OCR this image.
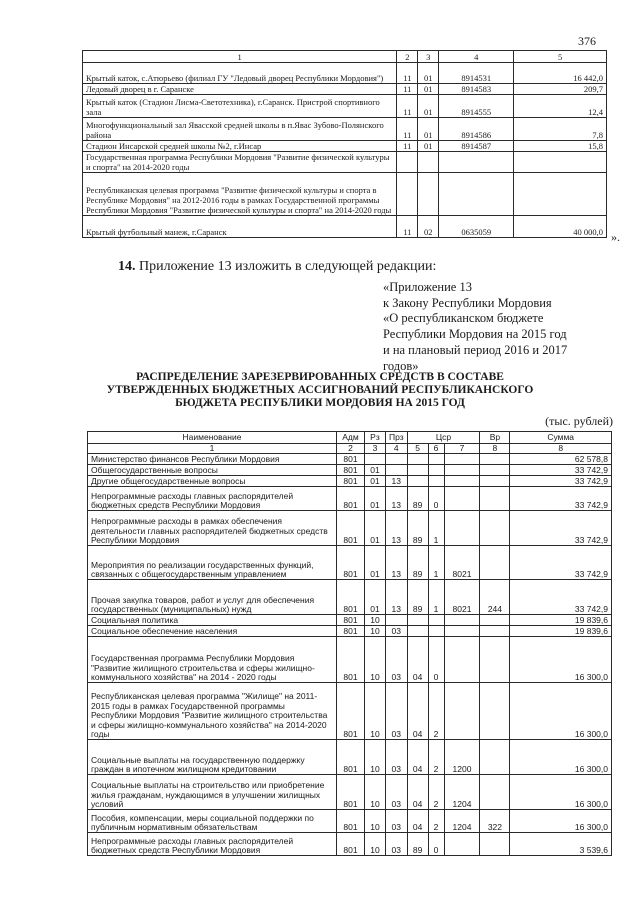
376
1	2	3	4	5
Крытый каток, с.Атюрьево (филиал ГУ "Ледовый дворец Республики Мордовия")	11	01	8914531	16 442,0
Ледовый дворец в г. Саранске	11	01	8914583	209,7
Крытый каток (Стадион Лисма-Светотехника), г.Саранск. Пристрой спортивного зала	11	01	8914555	12,4
Многофункциональный зал Явасской средней школы в п.Явас Зубово-Полянского района	11	01	8914586	7,8
Стадион Инсарской средней школы №2, г.Инсар	11	01	8914587	15,8
Государственная программа Республики Мордовия "Развитие физической культуры и спорта" на 2014-2020 годы				
Республиканская целевая программа "Развитие физической культуры и спорта в Республике Мордовия" на 2012-2016 годы в рамках Государственной программы Республики Мордовия "Развитие физической культуры и спорта" на 2014-2020 годы				
Крытый футбольный манеж, г.Саранск	11	02	0635059	40 000,0 ».
14. Приложение 13 изложить в следующей редакции:
«Приложение 13
к Закону Республики Мордовия
«О республиканском бюджете
Республики Мордовия на 2015 год
и на плановый период 2016 и 2017
годов»
РАСПРЕДЕЛЕНИЕ ЗАРЕЗЕРВИРОВАННЫХ СРЕДСТВ В СОСТАВЕ
УТВЕРЖДЕННЫХ БЮДЖЕТНЫХ АССИГНОВАНИЙ РЕСПУБЛИКАНСКОГО
БЮДЖЕТА РЕСПУБЛИКИ МОРДОВИЯ НА 2015 ГОД
(тыс. рублей)
Наименование	Адм	Рз	Прз	Цср			Вр	Сумма
1	2	3	4	5	6	7	8	8
Министерство финансов Республики Мордовия	801							62 578,8
Общегосударственные вопросы	801	01						33 742,9
Другие общегосударственные вопросы	801	01	13					33 742,9
Непрограммные расходы главных распорядителей бюджетных средств Республики Мордовия	801	01	13	89	0			33 742,9
Непрограммные расходы в рамках обеспечения деятельности главных распорядителей бюджетных средств Республики Мордовия	801	01	13	89	1			33 742,9
Мероприятия по реализации государственных функций, связанных с общегосударственным управлением	801	01	13	89	1	8021		33 742,9
Прочая закупка товаров, работ и услуг для обеспечения государственных (муниципальных) нужд	801	01	13	89	1	8021	244	33 742,9
Социальная политика	801	10						19 839,6
Социальное обеспечение населения	801	10	03					19 839,6
Государственная программа Республики Мордовия "Развитие жилищного строительства и сферы жилищно-коммунального хозяйства" на 2014 - 2020 годы	801	10	03	04	0			16 300,0
Республиканская целевая программа "Жилище" на 2011-2015 годы в рамках Государственной программы Республики Мордовия "Развитие жилищного строительства и сферы жилищно-коммунального хозяйства" на 2014-2020 годы	801	10	03	04	2			16 300,0
Социальные выплаты на государственную поддержку граждан в ипотечном жилищном кредитовании	801	10	03	04	2	1200		16 300,0
Социальные выплаты на строительство или приобретение жилья гражданам, нуждающимся в улучшении жилищных условий	801	10	03	04	2	1204		16 300,0
Пособия, компенсации, меры социальной поддержки по публичным нормативным обязательствам	801	10	03	04	2	1204	322	16 300,0
Непрограммные расходы главных распорядителей бюджетных средств Республики Мордовия	801	10	03	89	0			3 539,6
